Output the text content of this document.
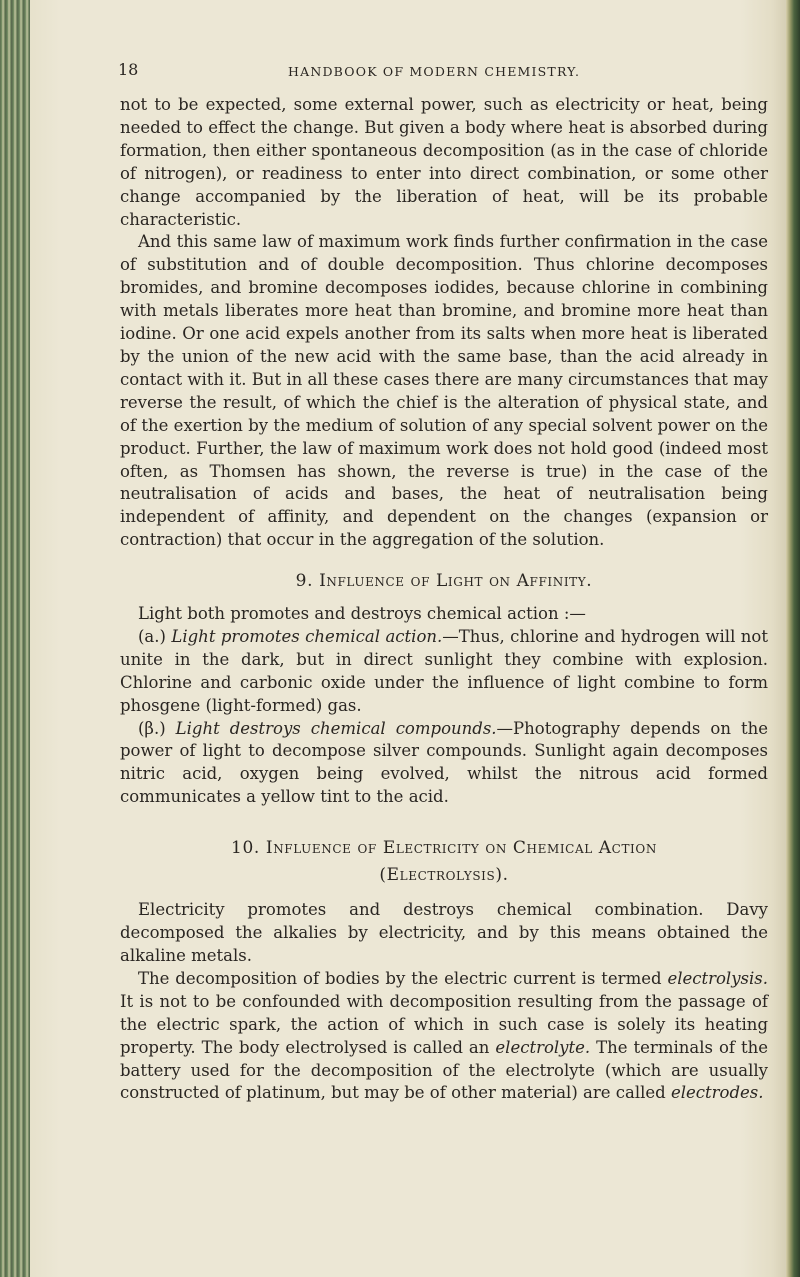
18	HANDBOOK OF MODERN CHEMISTRY.

not to be expected, some external power, such as electricity or heat, being needed to effect the change. But given a body where heat is absorbed during formation, then either spontaneous decomposition (as in the case of chloride of nitrogen), or readiness to enter into direct combination, or some other change accompanied by the liberation of heat, will be its probable characteristic.

And this same law of maximum work finds further confirmation in the case of substitution and of double decomposition. Thus chlorine decomposes bromides, and bromine decomposes iodides, because chlorine in combining with metals liberates more heat than bromine, and bromine more heat than iodine. Or one acid expels another from its salts when more heat is liberated by the union of the new acid with the same base, than the acid already in contact with it. But in all these cases there are many circumstances that may reverse the result, of which the chief is the alteration of physical state, and of the exertion by the medium of solution of any special solvent power on the product. Further, the law of maximum work does not hold good (indeed most often, as Thomsen has shown, the reverse is true) in the case of the neutralisation of acids and bases, the heat of neutralisation being independent of affinity, and dependent on the changes (expansion or contraction) that occur in the aggregation of the solution.

9. Influence of Light on Affinity.

Light both promotes and destroys chemical action :—

(a.) Light promotes chemical action.—Thus, chlorine and hydrogen will not unite in the dark, but in direct sunlight they combine with explosion. Chlorine and carbonic oxide under the influence of light combine to form phosgene (light-formed) gas.

(β.) Light destroys chemical compounds.—Photography depends on the power of light to decompose silver compounds. Sunlight again decomposes nitric acid, oxygen being evolved, whilst the nitrous acid formed communicates a yellow tint to the acid.

10. Influence of Electricity on Chemical Action
(Electrolysis).

Electricity promotes and destroys chemical combination. Davy decomposed the alkalies by electricity, and by this means obtained the alkaline metals.

The decomposition of bodies by the electric current is termed electrolysis. It is not to be confounded with decomposition resulting from the passage of the electric spark, the action of which in such case is solely its heating property. The body electrolysed is called an electrolyte. The terminals of the battery used for the decomposition of the electrolyte (which are usually constructed of platinum, but may be of other material) are called electrodes.
